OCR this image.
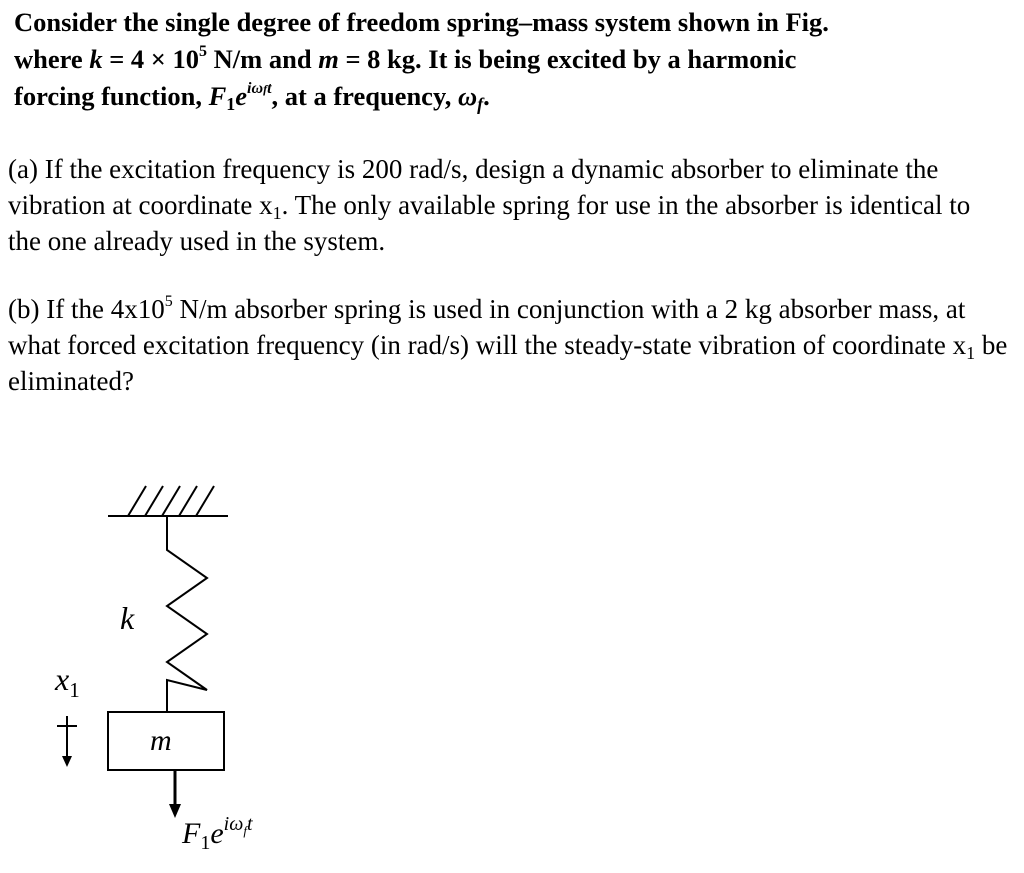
Consider the single degree of freedom spring–mass system shown in Fig.
where $k = 4 \times 10^5$ N/m and m = 8 kg. It is being excited by a harmonic
forcing function, $F_1e^{i\omega ft}$, at a frequency, $\omega_f$.
(a) If the excitation frequency is 200 rad/s, design a dynamic absorber to eliminate the vibration at coordinate $x_1$. The only available spring for use in the absorber is identical to the one already used in the system.
(b) If the $4x10^5$ N/m absorber spring is used in conjunction with a 2 kg absorber mass, at what forced excitation frequency (in rad/s) will the steady-state vibration of coordinate $x_1$ be eliminated?
k
m
$x_1$
$F_1e^{i\omega}ft$
